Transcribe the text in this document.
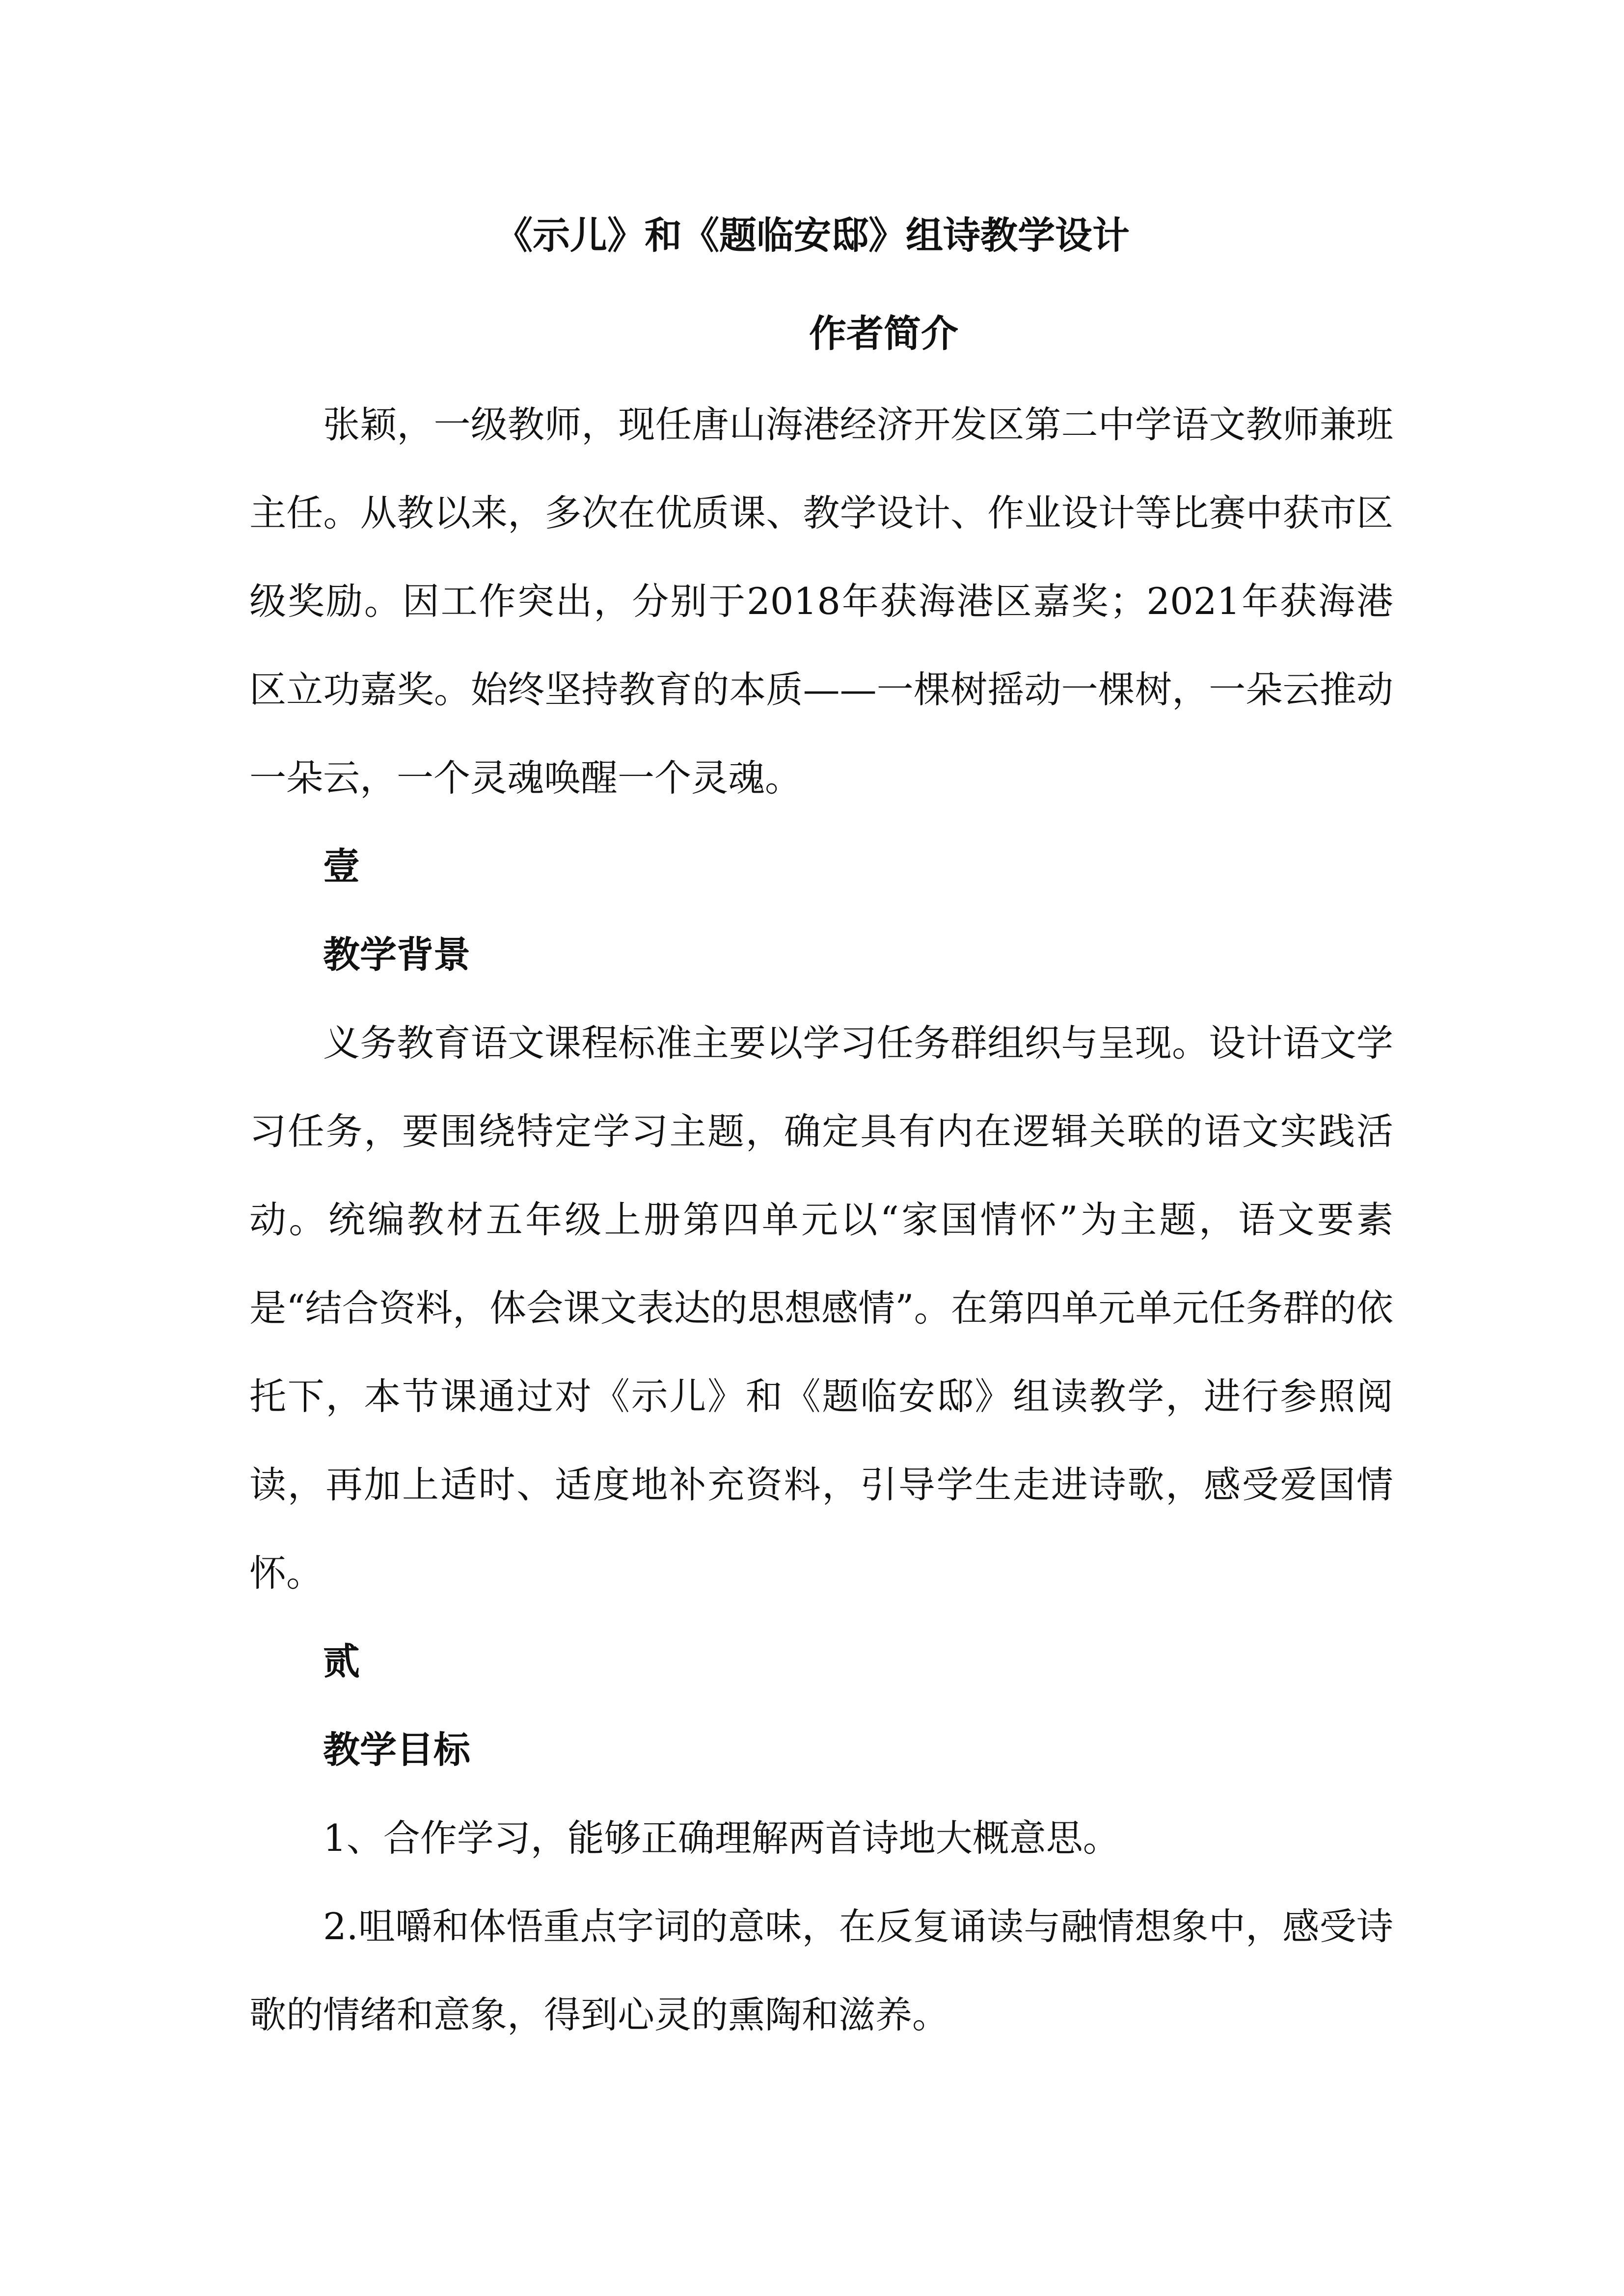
《示儿》和《题临安邸》组诗教学设计
作者简介

张颖，一级教师，现任唐山海港经济开发区第二中学语文教师兼班主任。从教以来，多次在优质课、教学设计、作业设计等比赛中获市区级奖励。因工作突出，分别于2018年获海港区嘉奖；2021年获海港区立功嘉奖。始终坚持教育的本质——一棵树摇动一棵树，一朵云推动一朵云，一个灵魂唤醒一个灵魂。

壹

教学背景

义务教育语文课程标准主要以学习任务群组织与呈现。设计语文学习任务，要围绕特定学习主题，确定具有内在逻辑关联的语文实践活动。统编教材五年级上册第四单元以“家国情怀”为主题，语文要素是“结合资料，体会课文表达的思想感情”。在第四单元单元任务群的依托下，本节课通过对《示儿》和《题临安邸》组读教学，进行参照阅读，再加上适时、适度地补充资料，引导学生走进诗歌，感受爱国情怀。

贰

教学目标

1、合作学习，能够正确理解两首诗地大概意思。

2.咀嚼和体悟重点字词的意味，在反复诵读与融情想象中，感受诗歌的情绪和意象，得到心灵的熏陶和滋养。
